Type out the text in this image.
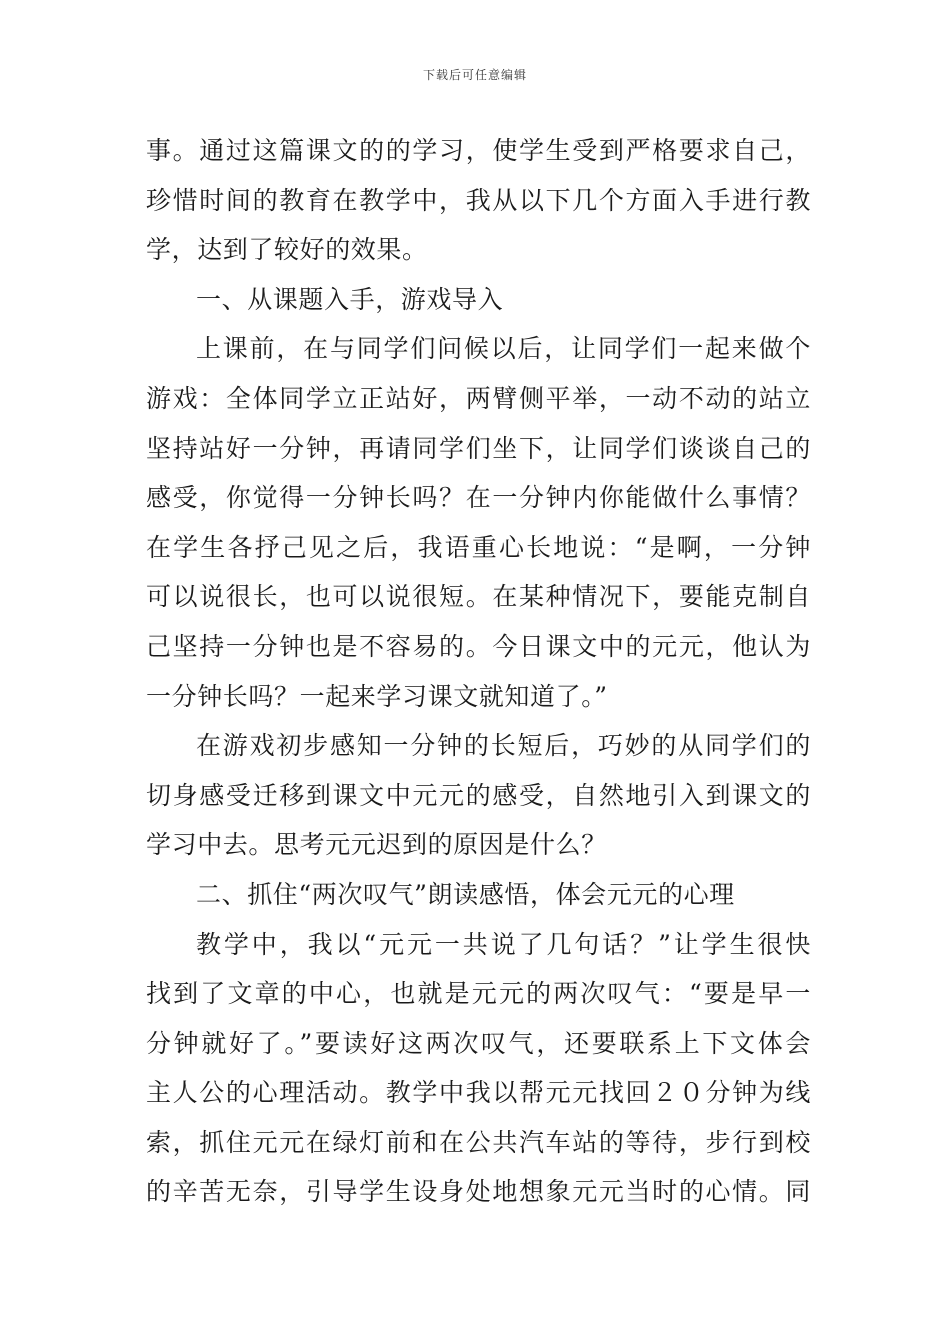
下载后可任意编辑
事。通过这篇课文的的学习，使学生受到严格要求自己，
珍惜时间的教育在教学中，我从以下几个方面入手进行教
学，达到了较好的效果。
一、从课题入手，游戏导入
上课前，在与同学们问候以后，让同学们一起来做个
游戏：全体同学立正站好，两臂侧平举，一动不动的站立
坚持站好一分钟，再请同学们坐下，让同学们谈谈自己的
感受，你觉得一分钟长吗？在一分钟内你能做什么事情？
在学生各抒己见之后，我语重心长地说：“是啊，一分钟
可以说很长，也可以说很短。在某种情况下，要能克制自
己坚持一分钟也是不容易的。今日课文中的元元，他认为
一分钟长吗？一起来学习课文就知道了。”
在游戏初步感知一分钟的长短后，巧妙的从同学们的
切身感受迁移到课文中元元的感受，自然地引入到课文的
学习中去。思考元元迟到的原因是什么？
二、抓住“两次叹气”朗读感悟，体会元元的心理
教学中，我以“元元一共说了几句话？”让学生很快
找到了文章的中心，也就是元元的两次叹气：“要是早一
分钟就好了。”要读好这两次叹气，还要联系上下文体会
主人公的心理活动。教学中我以帮元元找回２０分钟为线
索，抓住元元在绿灯前和在公共汽车站的等待，步行到校
的辛苦无奈，引导学生设身处地想象元元当时的心情。同
